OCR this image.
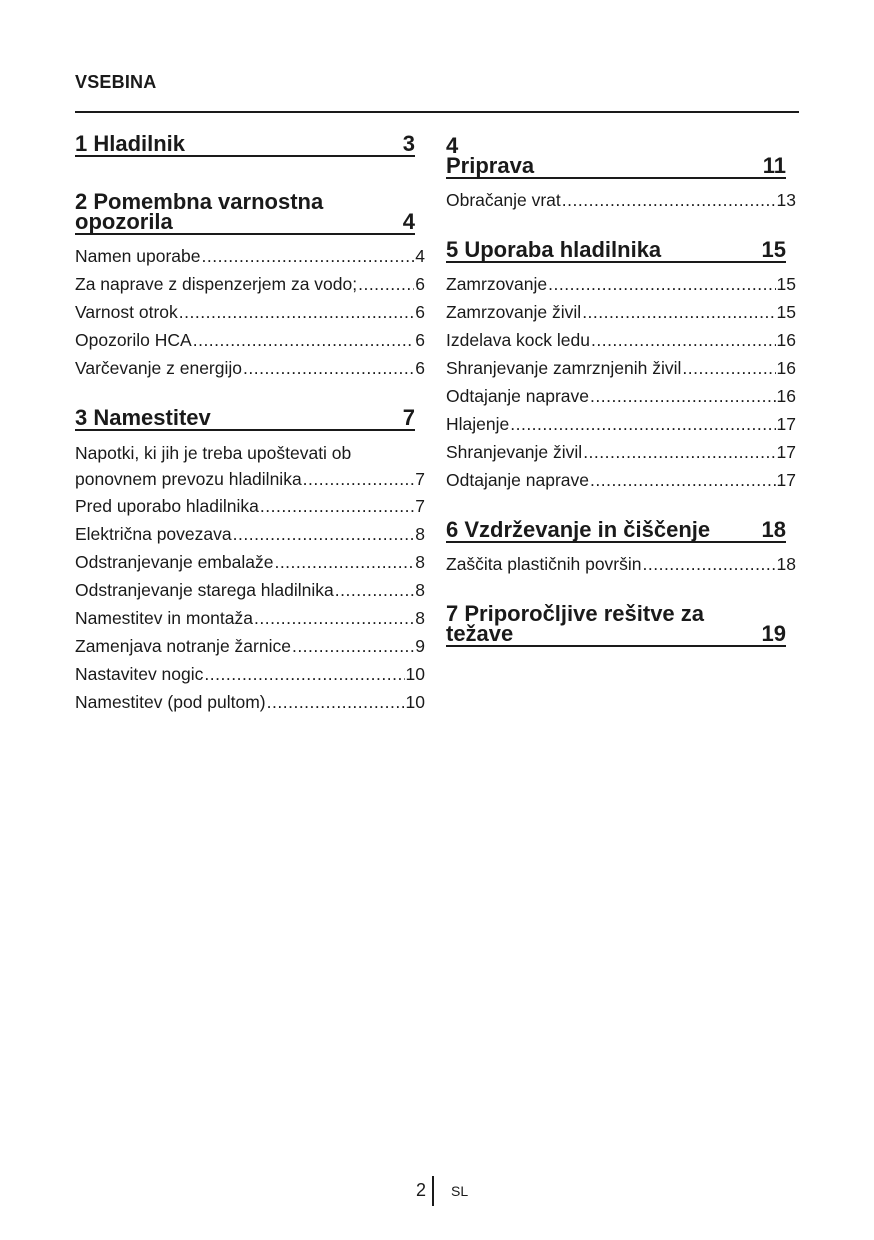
VSEBINA
1 Hladilnik	3
2 Pomembna varnostna
opozorila	4
Namen uporabe .....	4
Za naprave z dispenzerjem za vodo; .....	6
Varnost otrok .....	6
Opozorilo HCA .....	6
Varčevanje z energijo .....	6
3 Namestitev	7
Napotki, ki jih je treba upoštevati ob
ponovnem prevozu hladilnika .....	7
Pred uporabo hladilnika .....	7
Električna povezava .....	8
Odstranjevanje embalaže .....	8
Odstranjevanje starega hladilnika .....	8
Namestitev in montaža .....	8
Zamenjava notranje žarnice .....	9
Nastavitev nogic .....	10
Namestitev (pod pultom) .....	10
4
Priprava	11
Obračanje vrat .....	13
5 Uporaba hladilnika	15
Zamrzovanje .....	15
Zamrzovanje živil .....	15
Izdelava kock ledu .....	16
Shranjevanje zamrznjenih živil .....	16
Odtajanje naprave .....	16
Hlajenje .....	17
Shranjevanje živil .....	17
Odtajanje naprave .....	17
6 Vzdrževanje in čiščenje	18
Zaščita plastičnih površin .....	18
7 Priporočljive rešitve za
težave	19
2 SL
